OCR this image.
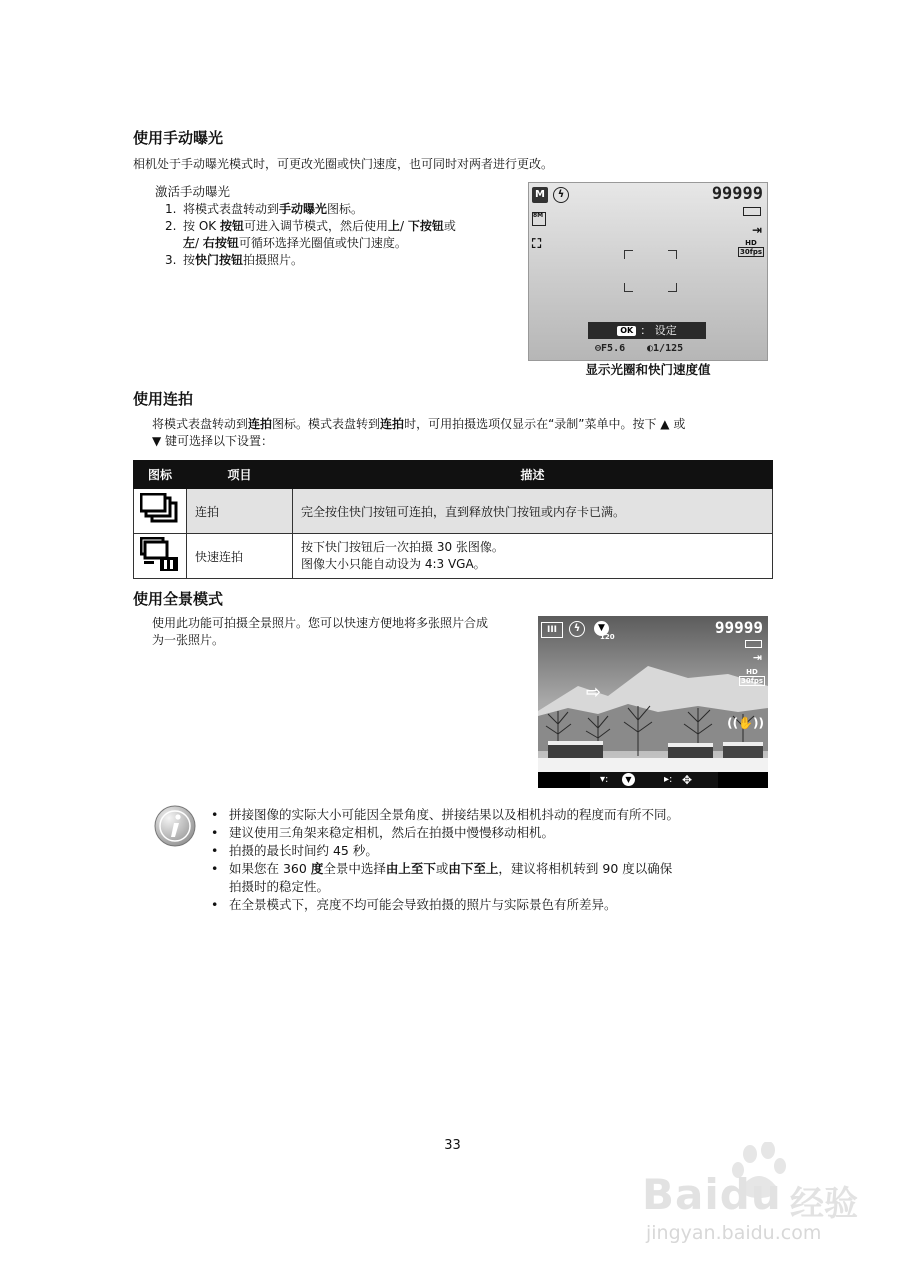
使用手动曝光
相机处于手动曝光模式时，可更改光圈或快门速度，也可同时对两者进行更改。
激活手动曝光
1. 将模式表盘转动到手动曝光图标。
2. 按 OK 按钮可进入调节模式，然后使用上/ 下按钮或
左/ 右按钮可循环选择光圈值或快门速度。
3. 按快门按钮拍摄照片。
M	ϟ	99999
8M
⛶
⇥
HD
30fps
OK ： 设定
⊖F5.6 ◐1/125
显示光圈和快门速度值
使用连拍
将模式表盘转动到连拍图标。模式表盘转到连拍时，可用拍摄选项仅显示在“录制”菜单中。按下 ▲ 或
▼ 键可选择以下设置：
图标	项目	描述
	连拍	完全按住快门按钮可连拍，直到释放快门按钮或内存卡已满。
	快速连拍	按下快门按钮后一次拍摄 30 张图像。
图像大小只能自动设为 4:3 VGA。
使用全景模式
使用此功能可拍摄全景照片。您可以快速方便地将多张照片合成
为一张照片。
III	ϟ	▼
120	99999
⇥
HD
30fps
⇨
((✋))
▾:	▼	▸: ✥
• 拼接图像的实际大小可能因全景角度、拼接结果以及相机抖动的程度而有所不同。
• 建议使用三角架来稳定相机，然后在拍摄中慢慢移动相机。
• 拍摄的最长时间约 45 秒。
• 如果您在 360 度全景中选择由上至下或由下至上，建议将相机转到 90 度以确保
拍摄时的稳定性。
• 在全景模式下，亮度不均可能会导致拍摄的照片与实际景色有所差异。
33
Baidu 经验
jingyan.baidu.com
